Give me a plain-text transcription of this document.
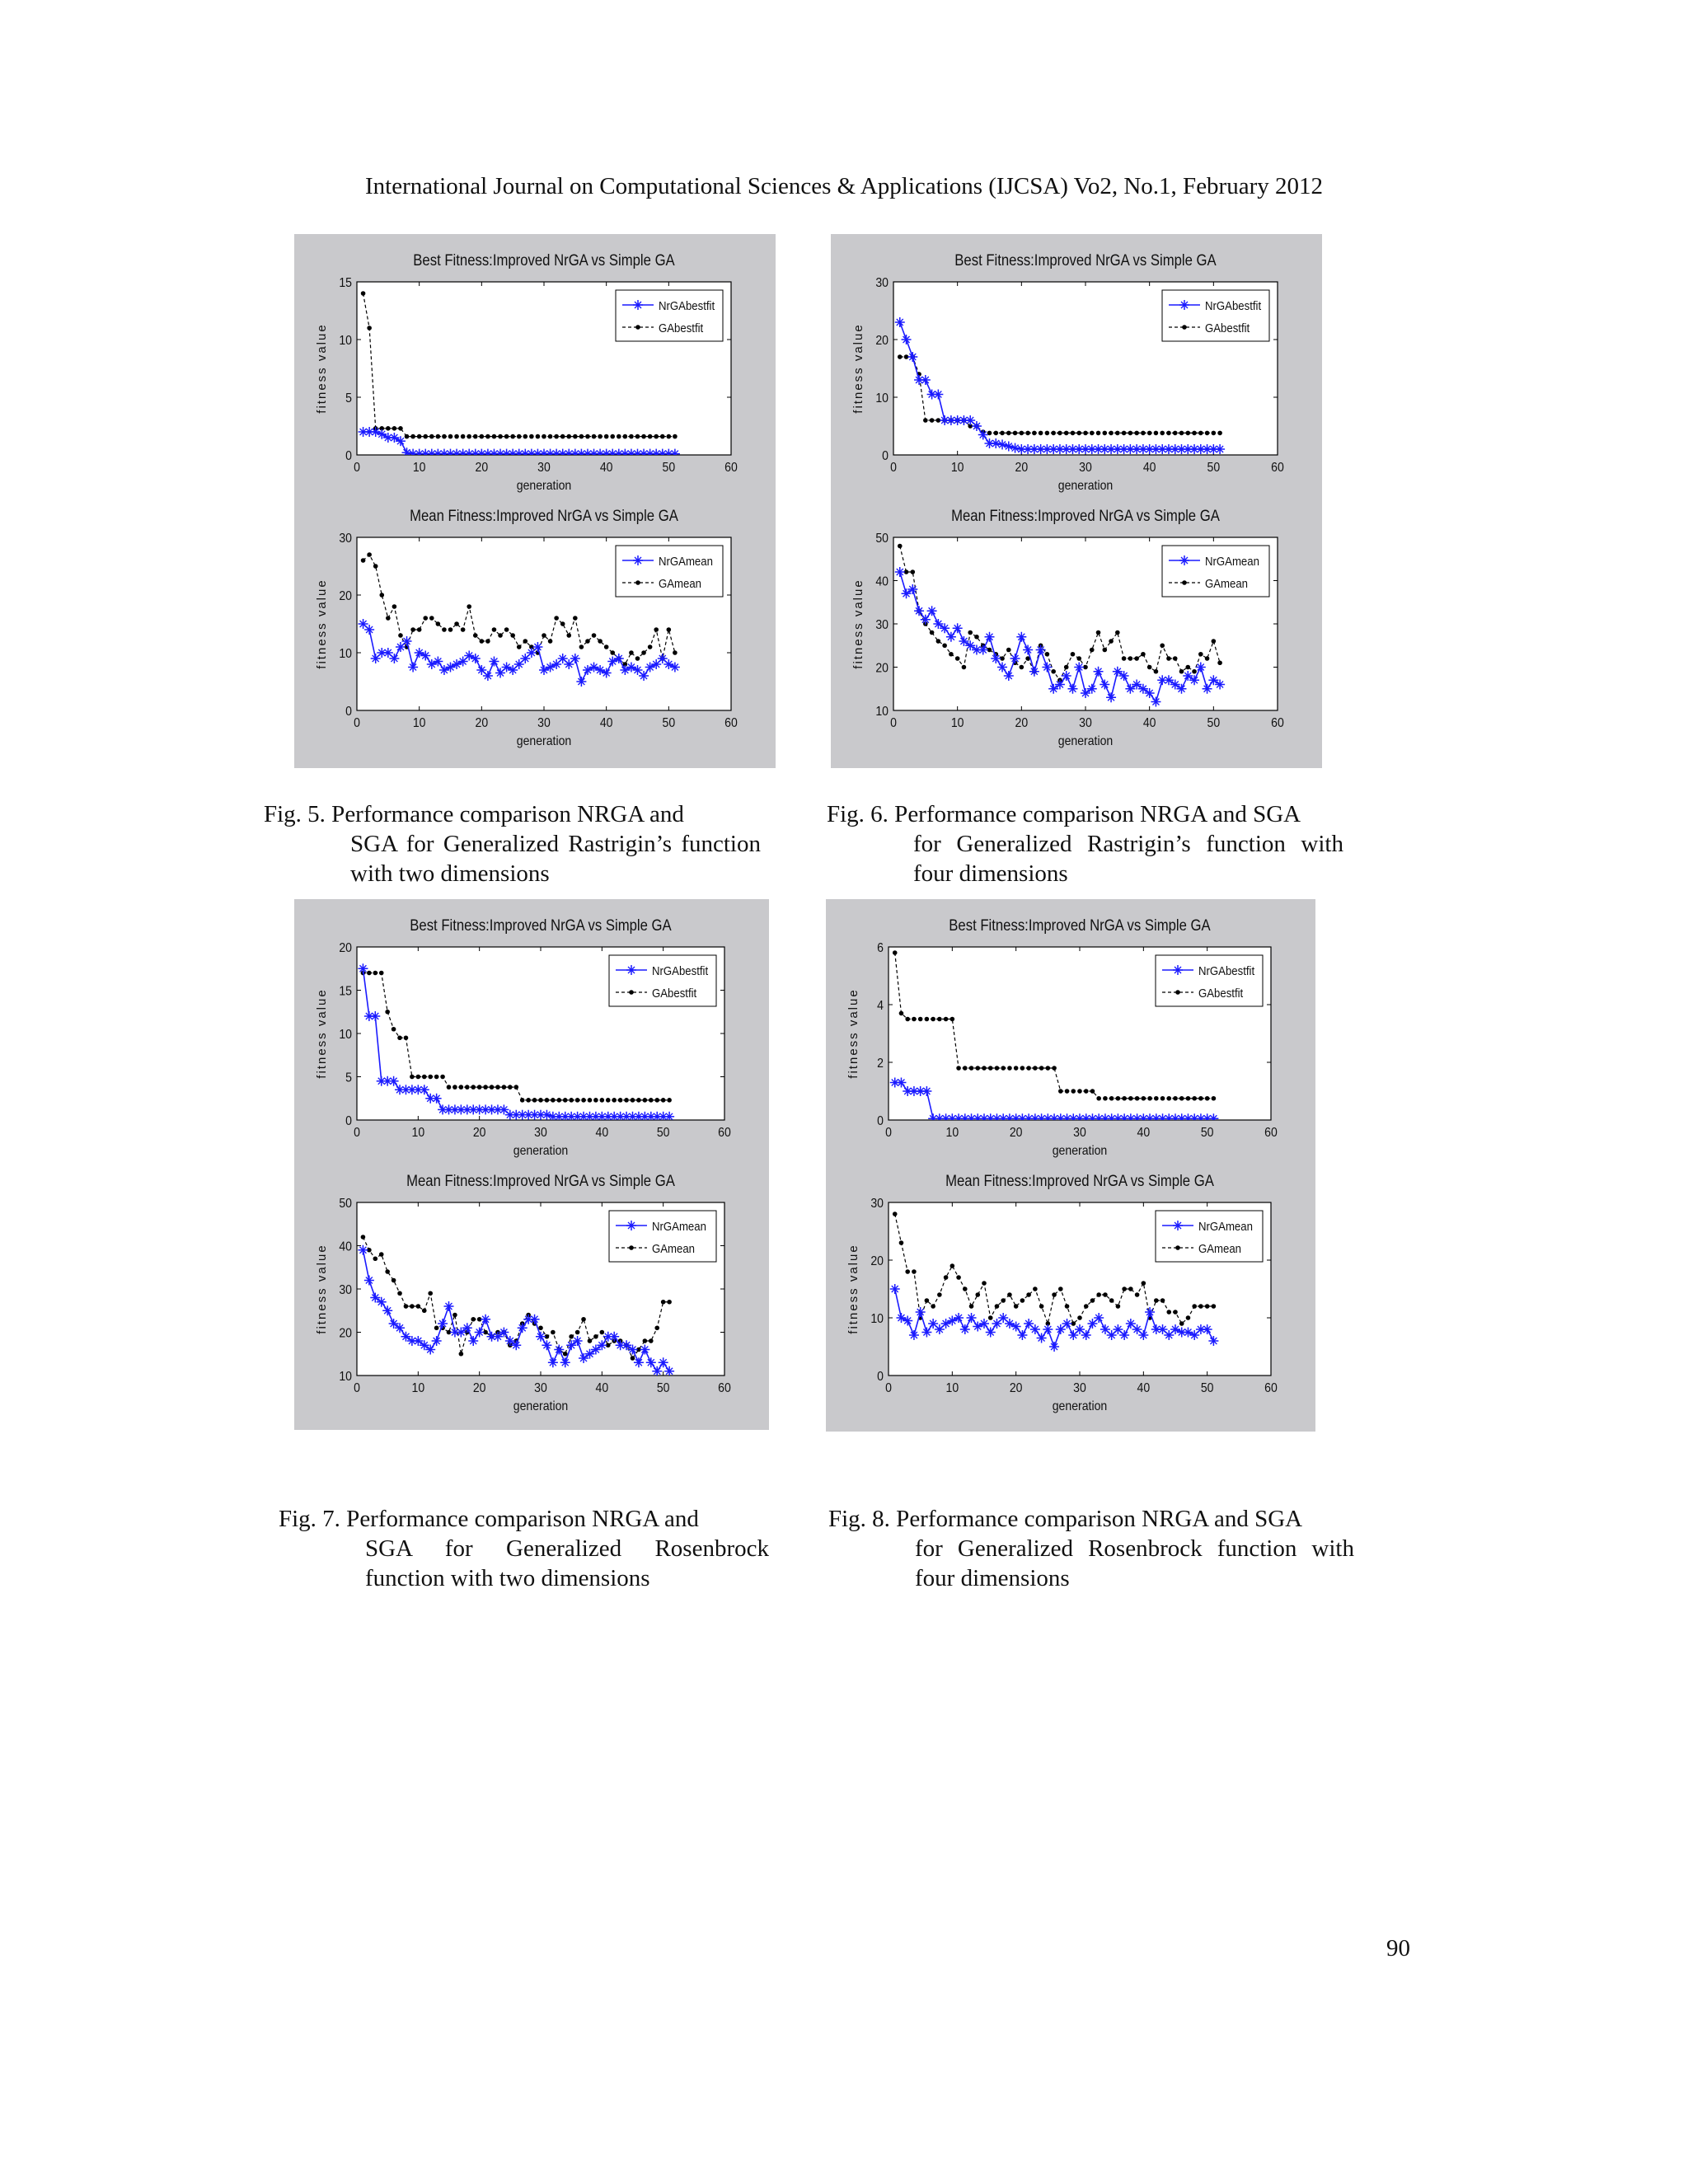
International Journal on Computational Sciences & Applications (IJCSA) Vo2, No.1, February 2012
Best Fitness:Improved NrGA vs Simple GA
0	10	20	30	40	50	60
0
5
10
15
generation
fitness value
NrGAbestfit
GAbestfit
Mean Fitness:Improved NrGA vs Simple GA
0	10	20	30	40	50	60
0
10
20
30
generation
fitness value
NrGAmean
GAmean
Best Fitness:Improved NrGA vs Simple GA
0	10	20	30	40	50	60
0
10
20
30
generation
fitness value
NrGAbestfit
GAbestfit
Mean Fitness:Improved NrGA vs Simple GA
0	10	20	30	40	50	60
10
20
30
40
50
generation
fitness value
NrGAmean
GAmean
Best Fitness:Improved NrGA vs Simple GA
0	10	20	30	40	50	60
0
5
10
15
20
generation
fitness value
NrGAbestfit
GAbestfit
Mean Fitness:Improved NrGA vs Simple GA
0	10	20	30	40	50	60
10
20
30
40
50
generation
fitness value
NrGAmean
GAmean
Best Fitness:Improved NrGA vs Simple GA
0	10	20	30	40	50	60
0
2
4
6
generation
fitness value
NrGAbestfit
GAbestfit
Mean Fitness:Improved NrGA vs Simple GA
0	10	20	30	40	50	60
0
10
20
30
generation
fitness value
NrGAmean
GAmean
Fig. 5. Performance comparison NRGA and
SGA for Generalized Rastrigin’s function with two dimensions
Fig. 6. Performance comparison NRGA and SGA
for Generalized Rastrigin’s function with four dimensions
Fig. 7. Performance comparison NRGA and
SGA for Generalized Rosenbrock function with two dimensions
Fig. 8. Performance comparison NRGA and SGA
for Generalized Rosenbrock function with four dimensions
90
